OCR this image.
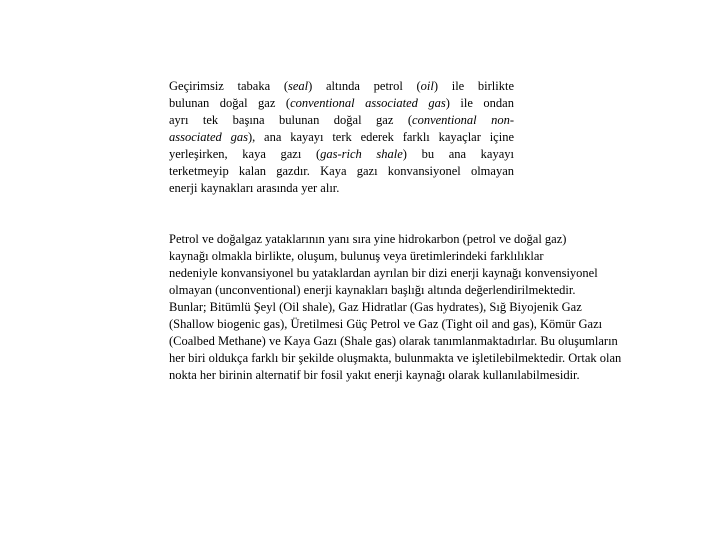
Geçirimsiz tabaka (seal) altında petrol (oil) ile birlikte
bulunan doğal gaz (conventional associated gas) ile ondan
ayrı tek başına bulunan doğal gaz (conventional non-
associated gas), ana kayayı terk ederek farklı kayaçlar içine
yerleşirken, kaya gazı (gas-rich shale) bu ana kayayı
terketmeyip kalan gazdır. Kaya gazı konvansiyonel olmayan
enerji kaynakları arasında yer alır.
Petrol ve doğalgaz yataklarının yanı sıra yine hidrokarbon (petrol ve doğal gaz)
kaynağı olmakla birlikte, oluşum, bulunuş veya üretimlerindeki farklılıklar
nedeniyle konvansiyonel bu yataklardan ayrılan bir dizi enerji kaynağı konvensiyonel
olmayan (unconventional) enerji kaynakları başlığı altında değerlendirilmektedir.
Bunlar; Bitümlü Şeyl (Oil shale), Gaz Hidratlar (Gas hydrates), Sığ Biyojenik Gaz
(Shallow biogenic gas), Üretilmesi Güç Petrol ve Gaz (Tight oil and gas), Kömür Gazı
(Coalbed Methane) ve Kaya Gazı (Shale gas) olarak tanımlanmaktadırlar. Bu oluşumların
her biri oldukça farklı bir şekilde oluşmakta, bulunmakta ve işletilebilmektedir. Ortak olan
nokta her birinin alternatif bir fosil yakıt enerji kaynağı olarak kullanılabilmesidir.
